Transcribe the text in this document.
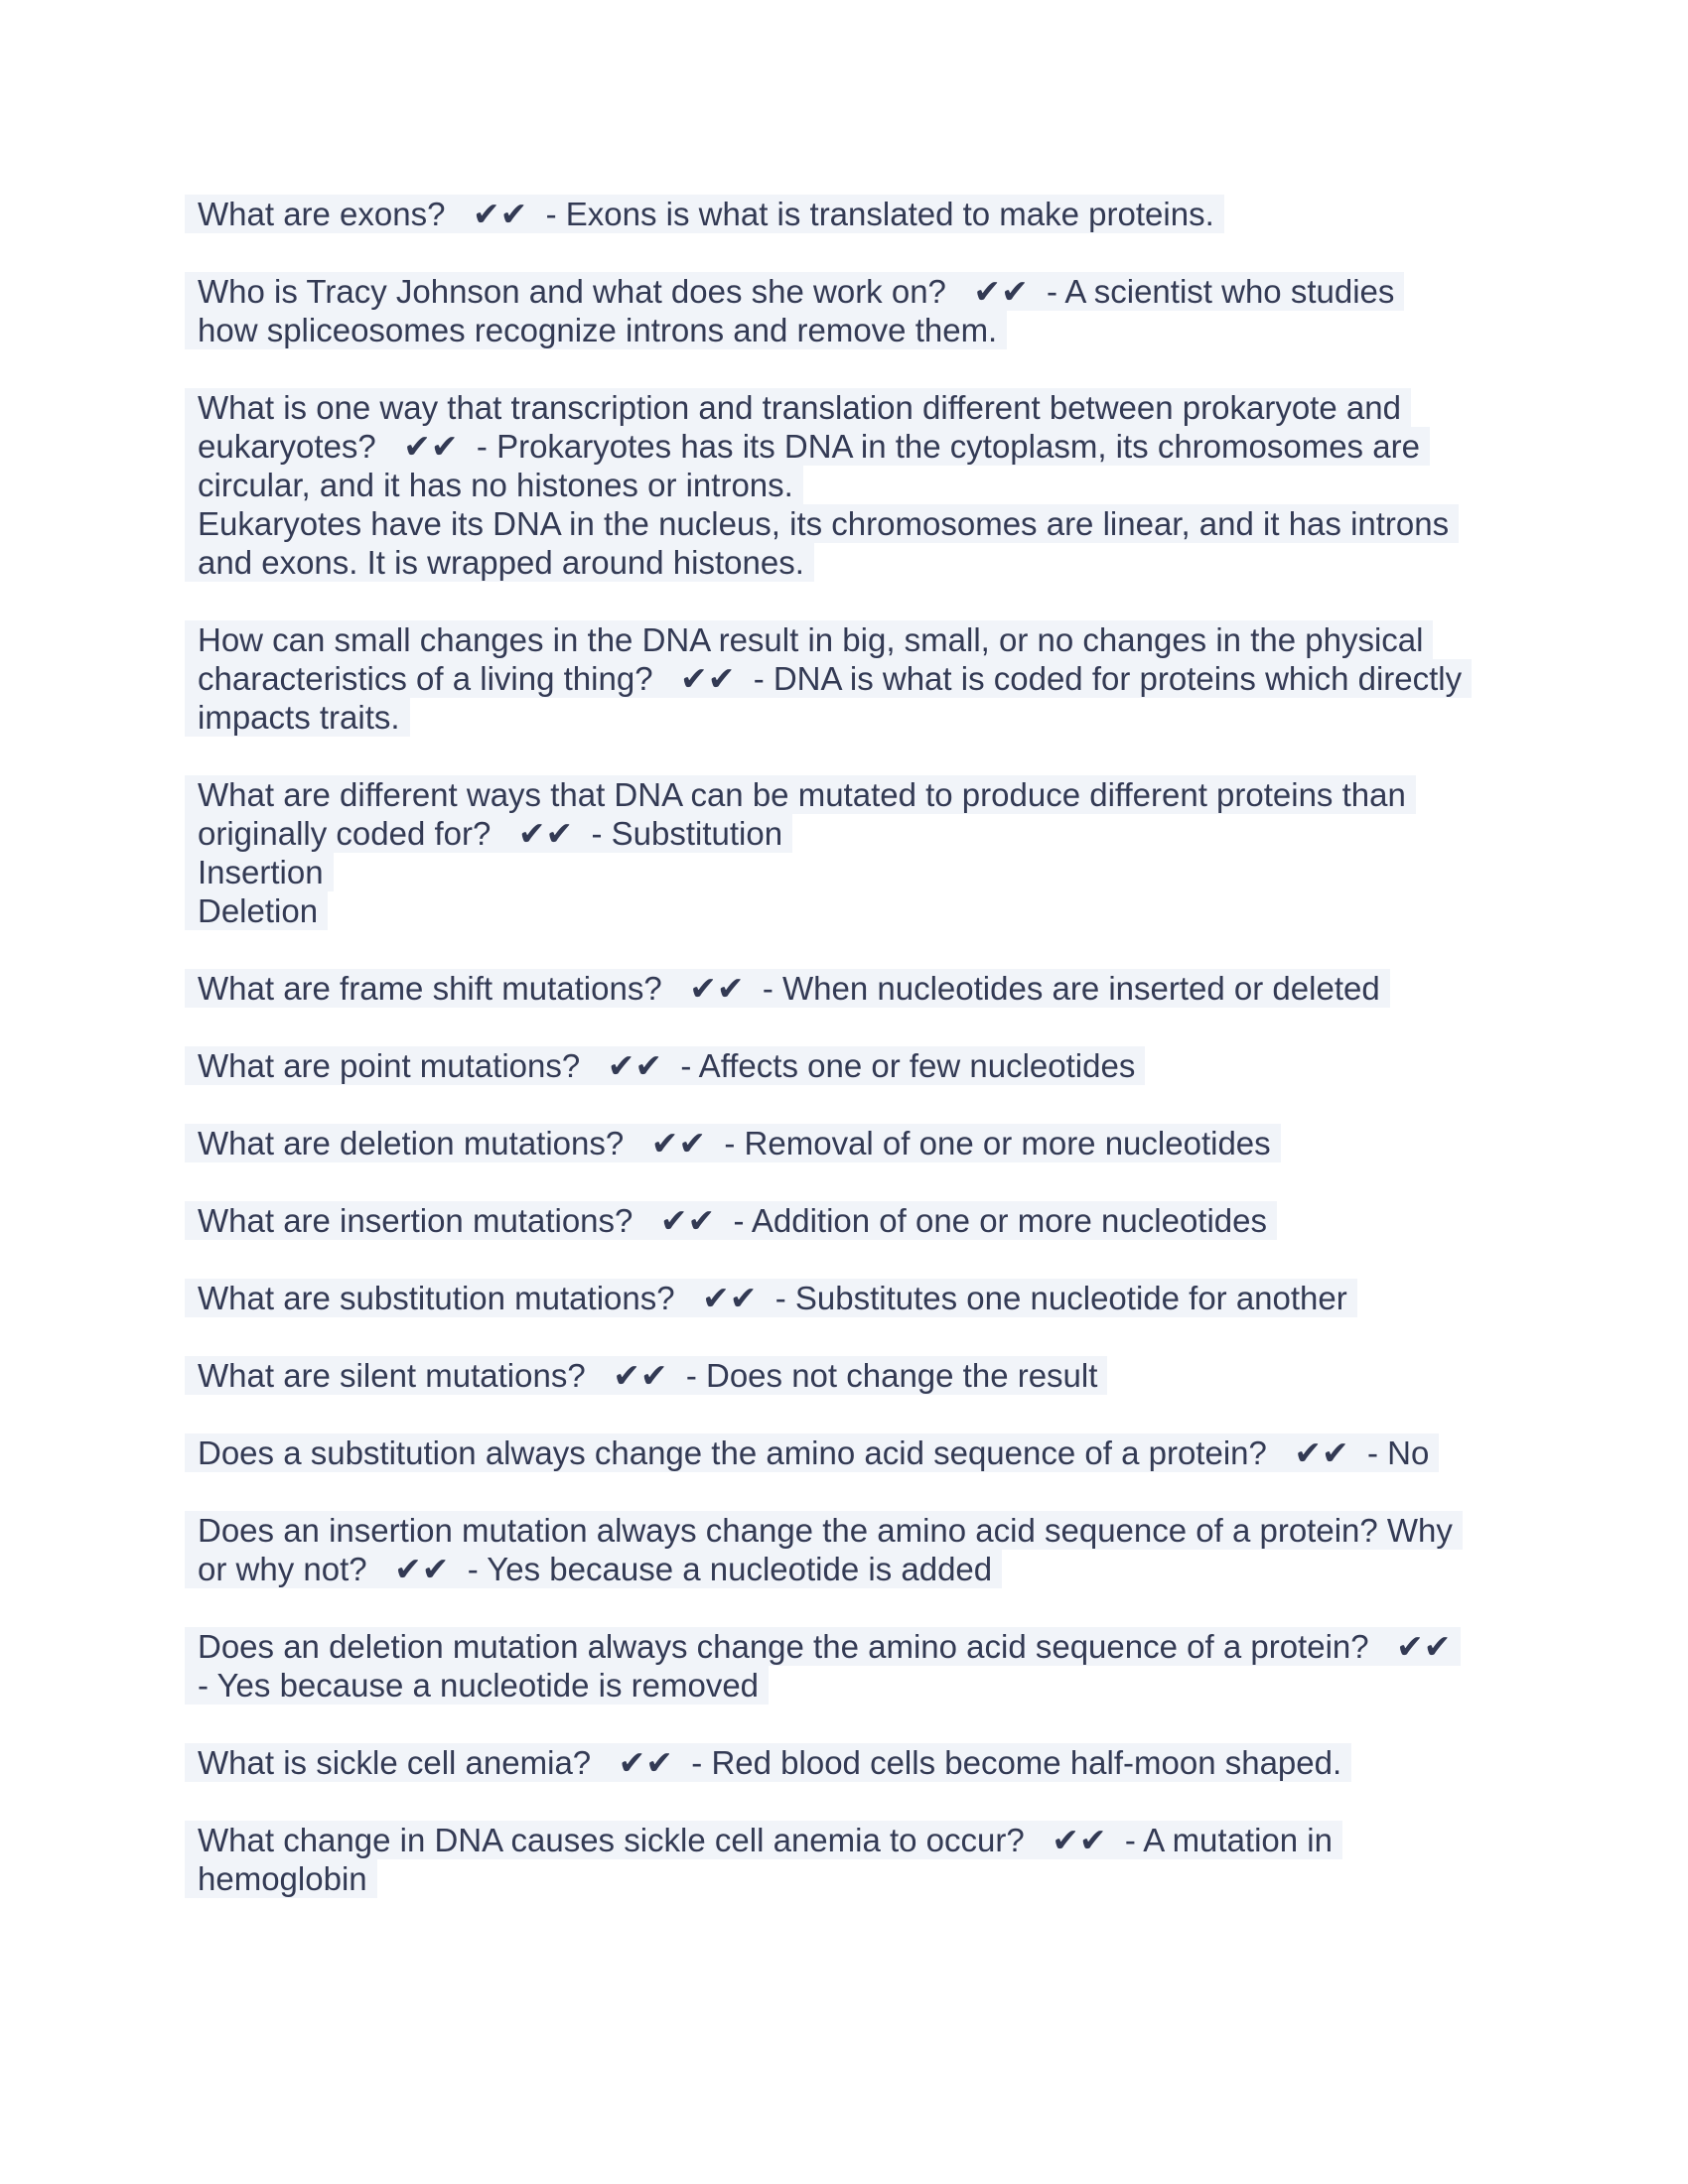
What are exons?   ✔✔  - Exons is what is translated to make proteins.
Who is Tracy Johnson and what does she work on?   ✔✔  - A scientist who studies
how spliceosomes recognize introns and remove them.
What is one way that transcription and translation different between prokaryote and
eukaryotes?   ✔✔  - Prokaryotes has its DNA in the cytoplasm, its chromosomes are
circular, and it has no histones or introns.
Eukaryotes have its DNA in the nucleus, its chromosomes are linear, and it has introns
and exons. It is wrapped around histones.
How can small changes in the DNA result in big, small, or no changes in the physical
characteristics of a living thing?   ✔✔  - DNA is what is coded for proteins which directly
impacts traits.
What are different ways that DNA can be mutated to produce different proteins than
originally coded for?   ✔✔  - Substitution
Insertion
Deletion
What are frame shift mutations?   ✔✔  - When nucleotides are inserted or deleted
What are point mutations?   ✔✔  - Affects one or few nucleotides
What are deletion mutations?   ✔✔  - Removal of one or more nucleotides
What are insertion mutations?   ✔✔  - Addition of one or more nucleotides
What are substitution mutations?   ✔✔  - Substitutes one nucleotide for another
What are silent mutations?   ✔✔  - Does not change the result
Does a substitution always change the amino acid sequence of a protein?   ✔✔  - No
Does an insertion mutation always change the amino acid sequence of a protein? Why
or why not?   ✔✔  - Yes because a nucleotide is added
Does an deletion mutation always change the amino acid sequence of a protein?   ✔✔
- Yes because a nucleotide is removed
What is sickle cell anemia?   ✔✔  - Red blood cells become half-moon shaped.
What change in DNA causes sickle cell anemia to occur?   ✔✔  - A mutation in
hemoglobin
